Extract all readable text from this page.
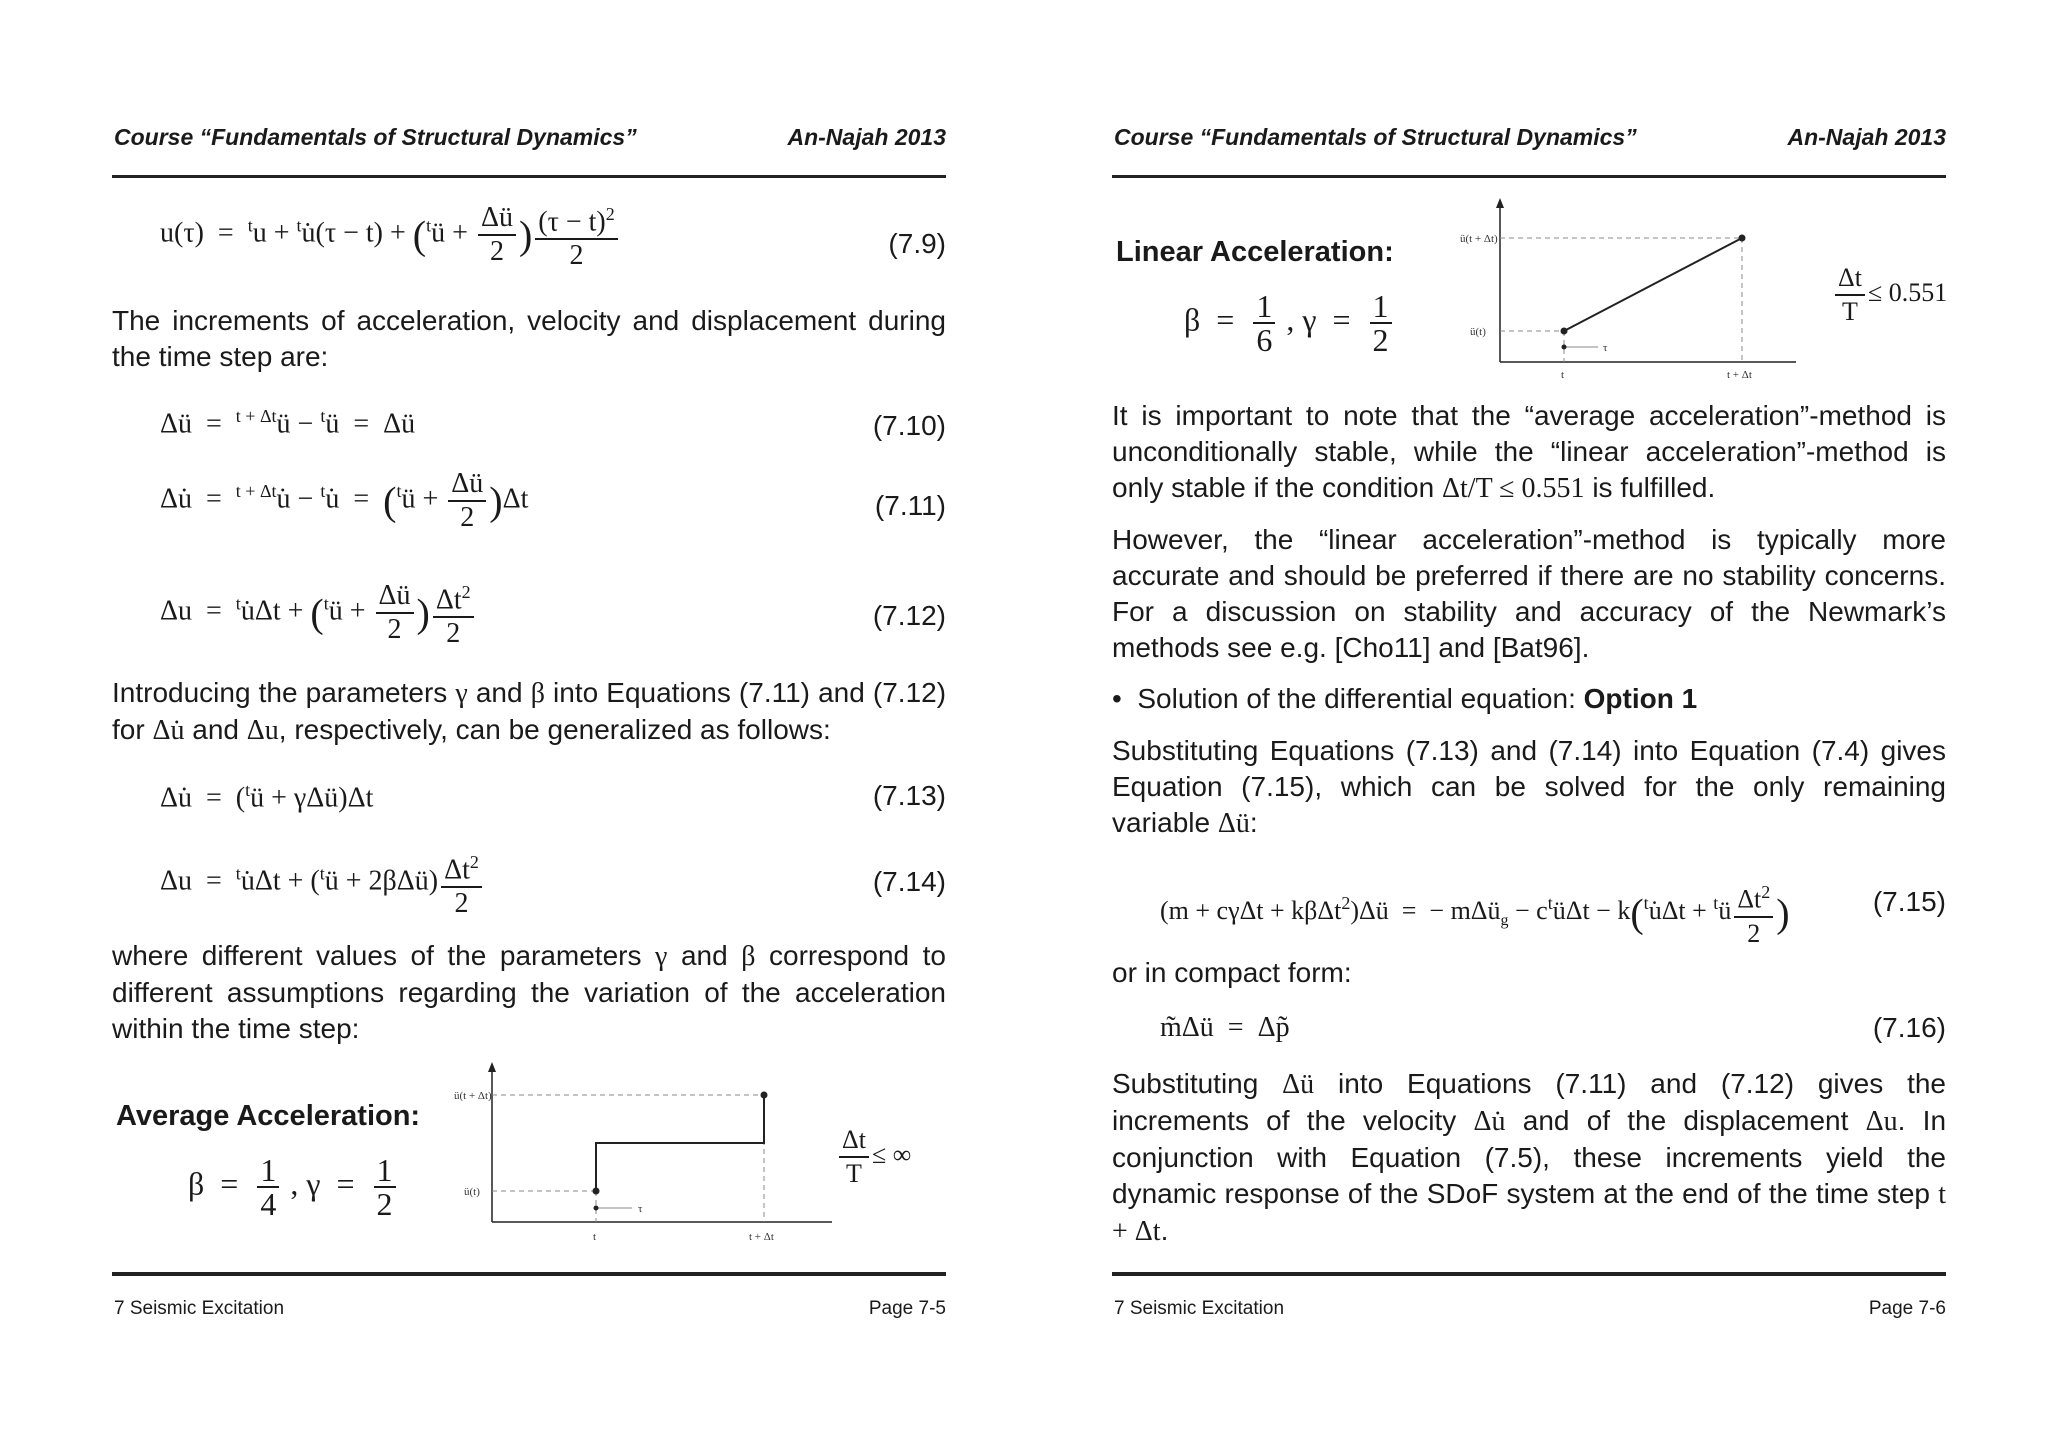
Course “Fundamentals of Structural Dynamics”	An-Najah 2013
u(τ)  =  $^t$u + $^t$u̇(τ − t) + ($^t$ü + $\frac{\Delta ü}{2}$ ) $\frac{(\tau - t)^2}{2}$	(7.9)
The increments of acceleration, velocity and displacement during the time step are:
Δü  =  $^{t + \Delta t}$ü − $^t$ü  =  Δü	(7.10)
Δu̇  =  $^{t + \Delta t}$u̇ − $^t$u̇  =  ($^t$ü + $\frac{\Delta ü}{2} )\Delta t$	(7.11)
Δu  =  $^t$u̇Δt + ($^t$ü + $\frac{\Delta ü}{2}$ ) $\frac{\Delta t^2}{2}$	(7.12)
Introducing the parameters γ and β into Equations (7.11) and (7.12) for Δu̇ and Δu, respectively, can be generalized as follows:
Δu̇  =  ($^t$ü + γΔü)Δt	(7.13)
Δu  =  $^t$u̇Δt + ($^t$ü + 2βΔü) $\frac{\Delta t^2}{2}$	(7.14)
where different values of the parameters γ and β correspond to different assumptions regarding the variation of the acceleration within the time step:
Average Acceleration:
$\beta = \frac{1}{4}$ , $\gamma = \frac{1}{2}$	τ
ü(t + Δt)
ü(t)
t	t + Δt
$\frac{\Delta t}{T}$ ≤ ∞
7 Seismic Excitation	Page 7-5
Course “Fundamentals of Structural Dynamics”	An-Najah 2013
Linear Acceleration:
$\beta = \frac{1}{6}$ , $\gamma = \frac{1}{2}$	τ
ü(t + Δt)
ü(t)
t	t + Δt
$\frac{\Delta t}{T} \le 0.551$
It is important to note that the “average acceleration”-method is unconditionally stable, while the “linear acceleration”-method is only stable if the condition Δt/T ≤ 0.551 is fulfilled.
However, the “linear acceleration”-method is typically more accurate and should be preferred if there are no stability concerns. For a discussion on stability and accuracy of the Newmark’s methods see e.g. [Cho11] and [Bat96].
•  Solution of the differential equation: Option 1
Substituting Equations (7.13) and (7.14) into Equation (7.4) gives Equation (7.15), which can be solved for the only remaining variable Δü:
(m + cγΔt + kβΔt$^2$)Δü  =  − mΔü$_g$ − $c^tü\Delta t$ − k($^t$u̇Δt + $^t$ü $\frac{\Delta t^2}{2}$ )	(7.15)
or in compact form:
m̃Δü  =  Δp̃	(7.16)
Substituting Δü into Equations (7.11) and (7.12) gives the increments of the velocity Δu̇ and of the displacement Δu. In conjunction with Equation (7.5), these increments yield the dynamic response of the SDoF system at the end of the time step t + Δt.
7 Seismic Excitation	Page 7-6
